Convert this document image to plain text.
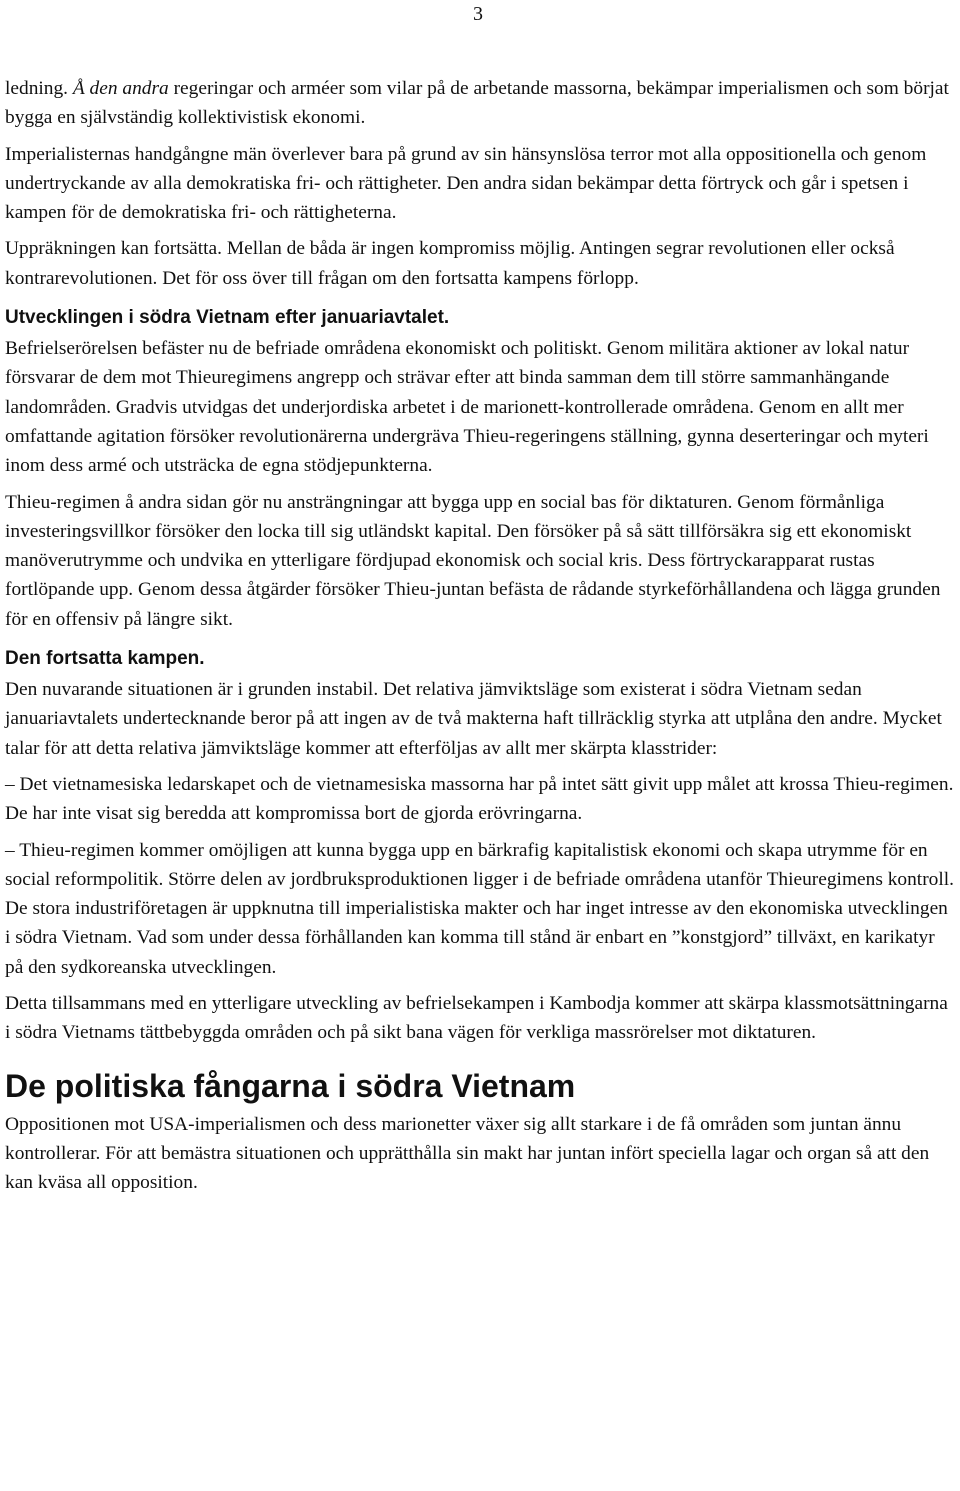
3

ledning. Å den andra regeringar och arméer som vilar på de arbetande massorna, bekämpar imperialismen och som börjat bygga en självständig kollektivistisk ekonomi.

Imperialisternas handgångne män överlever bara på grund av sin hänsynslösa terror mot alla oppositionella och genom undertryckande av alla demokratiska fri- och rättigheter. Den andra sidan bekämpar detta förtryck och går i spetsen i kampen för de demokratiska fri- och rättigheterna.

Uppräkningen kan fortsätta. Mellan de båda är ingen kompromiss möjlig. Antingen segrar revolutionen eller också kontrarevolutionen. Det för oss över till frågan om den fortsatta kampens förlopp.

Utvecklingen i södra Vietnam efter januariavtalet.

Befrielserörelsen befäster nu de befriade områdena ekonomiskt och politiskt. Genom militära aktioner av lokal natur försvarar de dem mot Thieuregimens angrepp och strävar efter att binda samman dem till större sammanhängande landområden. Gradvis utvidgas det underjordiska arbetet i de marionett-kontrollerade områdena. Genom en allt mer omfattande agitation försöker revolutionärerna undergräva Thieu-regeringens ställning, gynna deserteringar och myteri inom dess armé och utsträcka de egna stödjepunkterna.

Thieu-regimen å andra sidan gör nu ansträngningar att bygga upp en social bas för diktaturen. Genom förmånliga investeringsvillkor försöker den locka till sig utländskt kapital. Den försöker på så sätt tillförsäkra sig ett ekonomiskt manöverutrymme och undvika en ytterligare fördjupad ekonomisk och social kris. Dess förtryckarapparat rustas fortlöpande upp. Genom dessa åtgärder försöker Thieu-juntan befästa de rådande styrkeförhållandena och lägga grunden för en offensiv på längre sikt.

Den fortsatta kampen.

Den nuvarande situationen är i grunden instabil. Det relativa jämviktsläge som existerat i södra Vietnam sedan januariavtalets undertecknande beror på att ingen av de två makterna haft tillräcklig styrka att utplåna den andre. Mycket talar för att detta relativa jämviktsläge kommer att efterföljas av allt mer skärpta klasstrider:

– Det vietnamesiska ledarskapet och de vietnamesiska massorna har på intet sätt givit upp målet att krossa Thieu-regimen. De har inte visat sig beredda att kompromissa bort de gjorda erövringarna.

– Thieu-regimen kommer omöjligen att kunna bygga upp en bärkrafig kapitalistisk ekonomi och skapa utrymme för en social reformpolitik. Större delen av jordbruksproduktionen ligger i de befriade områdena utanför Thieuregimens kontroll. De stora industriföretagen är uppknutna till imperialistiska makter och har inget intresse av den ekonomiska utvecklingen i södra Vietnam. Vad som under dessa förhållanden kan komma till stånd är enbart en ”konstgjord” tillväxt, en karikatyr på den sydkoreanska utvecklingen.

Detta tillsammans med en ytterligare utveckling av befrielsekampen i Kambodja kommer att skärpa klassmotsättningarna i södra Vietnams tättbebyggda områden och på sikt bana vägen för verkliga massrörelser mot diktaturen.

De politiska fångarna i södra Vietnam

Oppositionen mot USA-imperialismen och dess marionetter växer sig allt starkare i de få områden som juntan ännu kontrollerar. För att bemästra situationen och upprätthålla sin makt har juntan infört speciella lagar och organ så att den kan kväsa all opposition.
